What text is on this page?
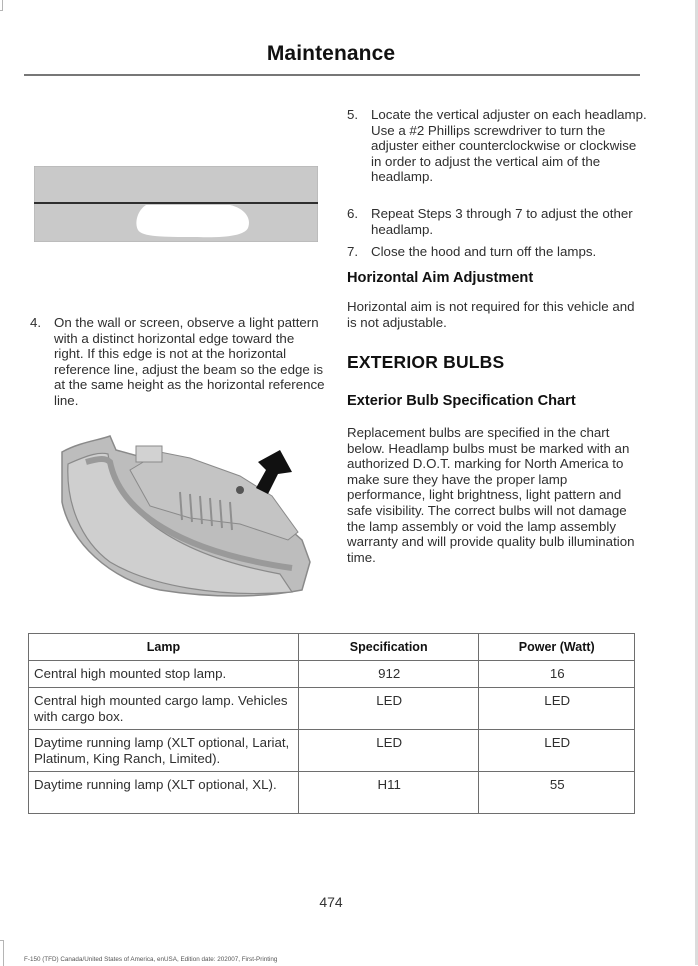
Maintenance
4. On the wall or screen, observe a light pattern with a distinct horizontal edge toward the right. If this edge is not at the horizontal reference line, adjust the beam so the edge is at the same height as the horizontal reference line.
5. Locate the vertical adjuster on each headlamp. Use a #2 Phillips screwdriver to turn the adjuster either counterclockwise or clockwise in order to adjust the vertical aim of the headlamp.
6. Repeat Steps 3 through 7 to adjust the other headlamp.
7. Close the hood and turn off the lamps.
Horizontal Aim Adjustment
Horizontal aim is not required for this vehicle and is not adjustable.
EXTERIOR BULBS
Exterior Bulb Specification Chart
Replacement bulbs are specified in the chart below. Headlamp bulbs must be marked with an authorized D.O.T. marking for North America to make sure they have the proper lamp performance, light brightness, light pattern and safe visibility. The correct bulbs will not damage the lamp assembly or void the lamp assembly warranty and will provide quality bulb illumination time.
Lamp	Specification	Power (Watt)
Central high mounted stop lamp.	912	16
Central high mounted cargo lamp. Vehicles with cargo box.	LED	LED
Daytime running lamp (XLT optional, Lariat, Platinum, King Ranch, Limited).	LED	LED
Daytime running lamp (XLT optional, XL).	H11	55
474
F-150 (TFD) Canada/United States of America, enUSA, Edition date: 202007, First-Printing
